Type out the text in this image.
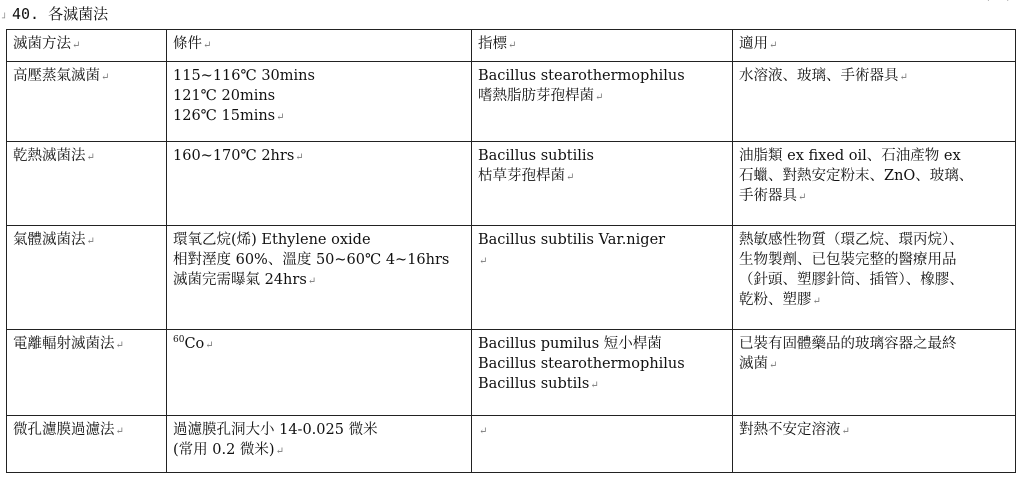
40. 各滅菌法
┘
˙ ˙
滅菌方法↵	條件↵	指標↵	適用↵

高壓蒸氣滅菌↵	115~116℃ 30mins
121℃ 20mins
126℃ 15mins↵	Bacillus stearothermophilus
嗜熱脂肪芽孢桿菌↵	水溶液、玻璃、手術器具↵

乾熱滅菌法↵	160~170℃ 2hrs↵	Bacillus subtilis
枯草芽孢桿菌↵	油脂類 ex fixed oil、石油產物 ex
石蠟、對熱安定粉末、ZnO、玻璃、
手術器具↵

氣體滅菌法↵	環氧乙烷(烯) Ethylene oxide
相對溼度 60%、溫度 50~60℃ 4~16hrs
滅菌完需曝氣 24hrs↵	Bacillus subtilis Var.niger
↵	熱敏感性物質（環乙烷、環丙烷）、
生物製劑、已包裝完整的醫療用品
（針頭、塑膠針筒、插管）、橡膠、
乾粉、塑膠↵

電離輻射滅菌法↵	$^{60}$Co↵	Bacillus pumilus 短小桿菌
Bacillus stearothermophilus
Bacillus subtils↵	已裝有固體藥品的玻璃容器之最終
滅菌↵

微孔濾膜過濾法↵	過濾膜孔洞大小 14-0.025 微米
(常用 0.2 微米)↵	↵	對熱不安定溶液↵
